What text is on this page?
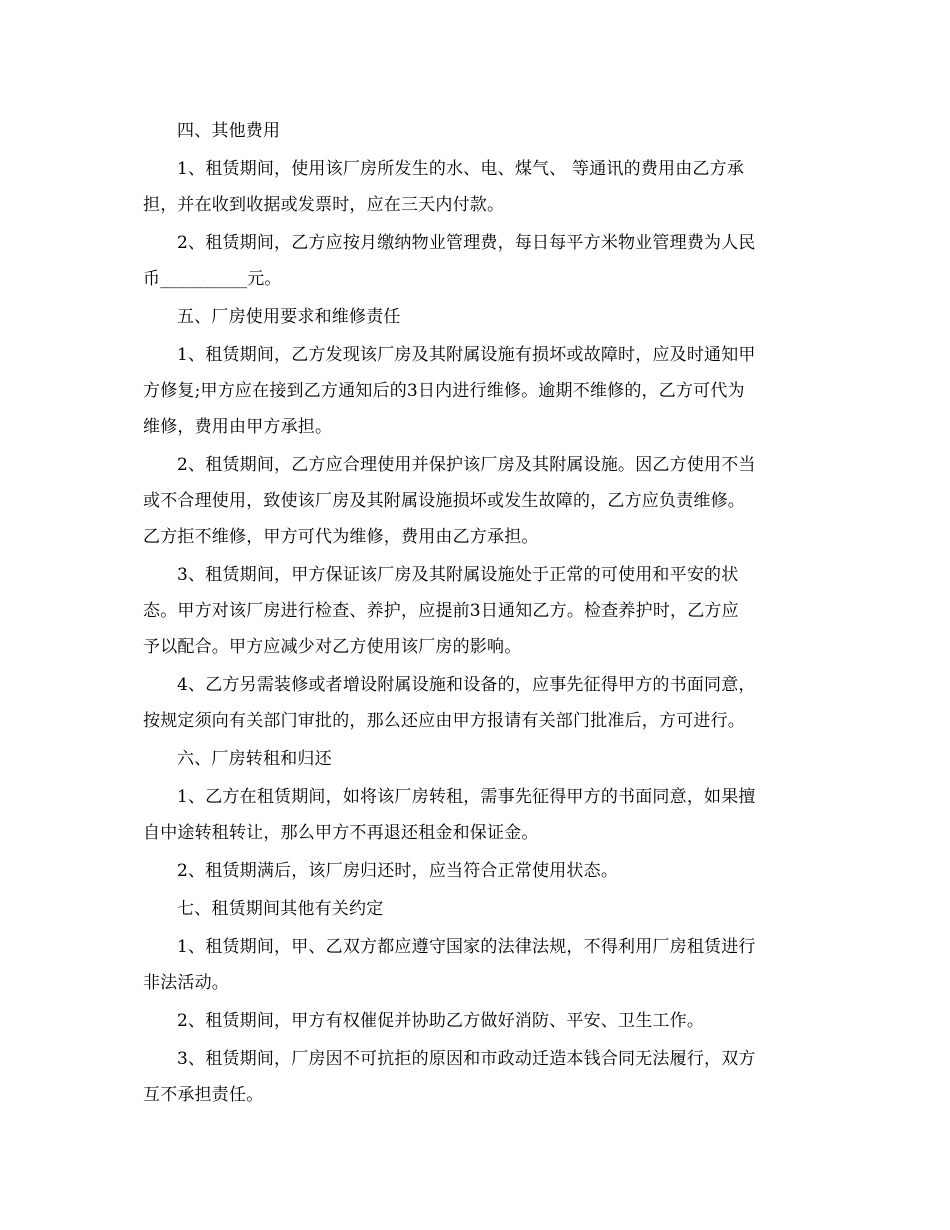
四、其他费用
1、租赁期间，使用该厂房所发生的水、电、煤气、 等通讯的费用由乙方承
担，并在收到收据或发票时，应在三天内付款。
2、租赁期间，乙方应按月缴纳物业管理费，每日每平方米物业管理费为人民
币__________元。
五、厂房使用要求和维修责任
1、租赁期间，乙方发现该厂房及其附属设施有损坏或故障时，应及时通知甲
方修复;甲方应在接到乙方通知后的3日内进行维修。逾期不维修的，乙方可代为
维修，费用由甲方承担。
2、租赁期间，乙方应合理使用并保护该厂房及其附属设施。因乙方使用不当
或不合理使用，致使该厂房及其附属设施损坏或发生故障的，乙方应负责维修。
乙方拒不维修，甲方可代为维修，费用由乙方承担。
3、租赁期间，甲方保证该厂房及其附属设施处于正常的可使用和平安的状
态。甲方对该厂房进行检查、养护，应提前3日通知乙方。检查养护时，乙方应
予以配合。甲方应减少对乙方使用该厂房的影响。
4、乙方另需装修或者增设附属设施和设备的，应事先征得甲方的书面同意，
按规定须向有关部门审批的，那么还应由甲方报请有关部门批准后，方可进行。
六、厂房转租和归还
1、乙方在租赁期间，如将该厂房转租，需事先征得甲方的书面同意，如果擅
自中途转租转让，那么甲方不再退还租金和保证金。
2、租赁期满后，该厂房归还时，应当符合正常使用状态。
七、租赁期间其他有关约定
1、租赁期间，甲、乙双方都应遵守国家的法律法规，不得利用厂房租赁进行
非法活动。
2、租赁期间，甲方有权催促并协助乙方做好消防、平安、卫生工作。
3、租赁期间，厂房因不可抗拒的原因和市政动迁造本钱合同无法履行，双方
互不承担责任。
